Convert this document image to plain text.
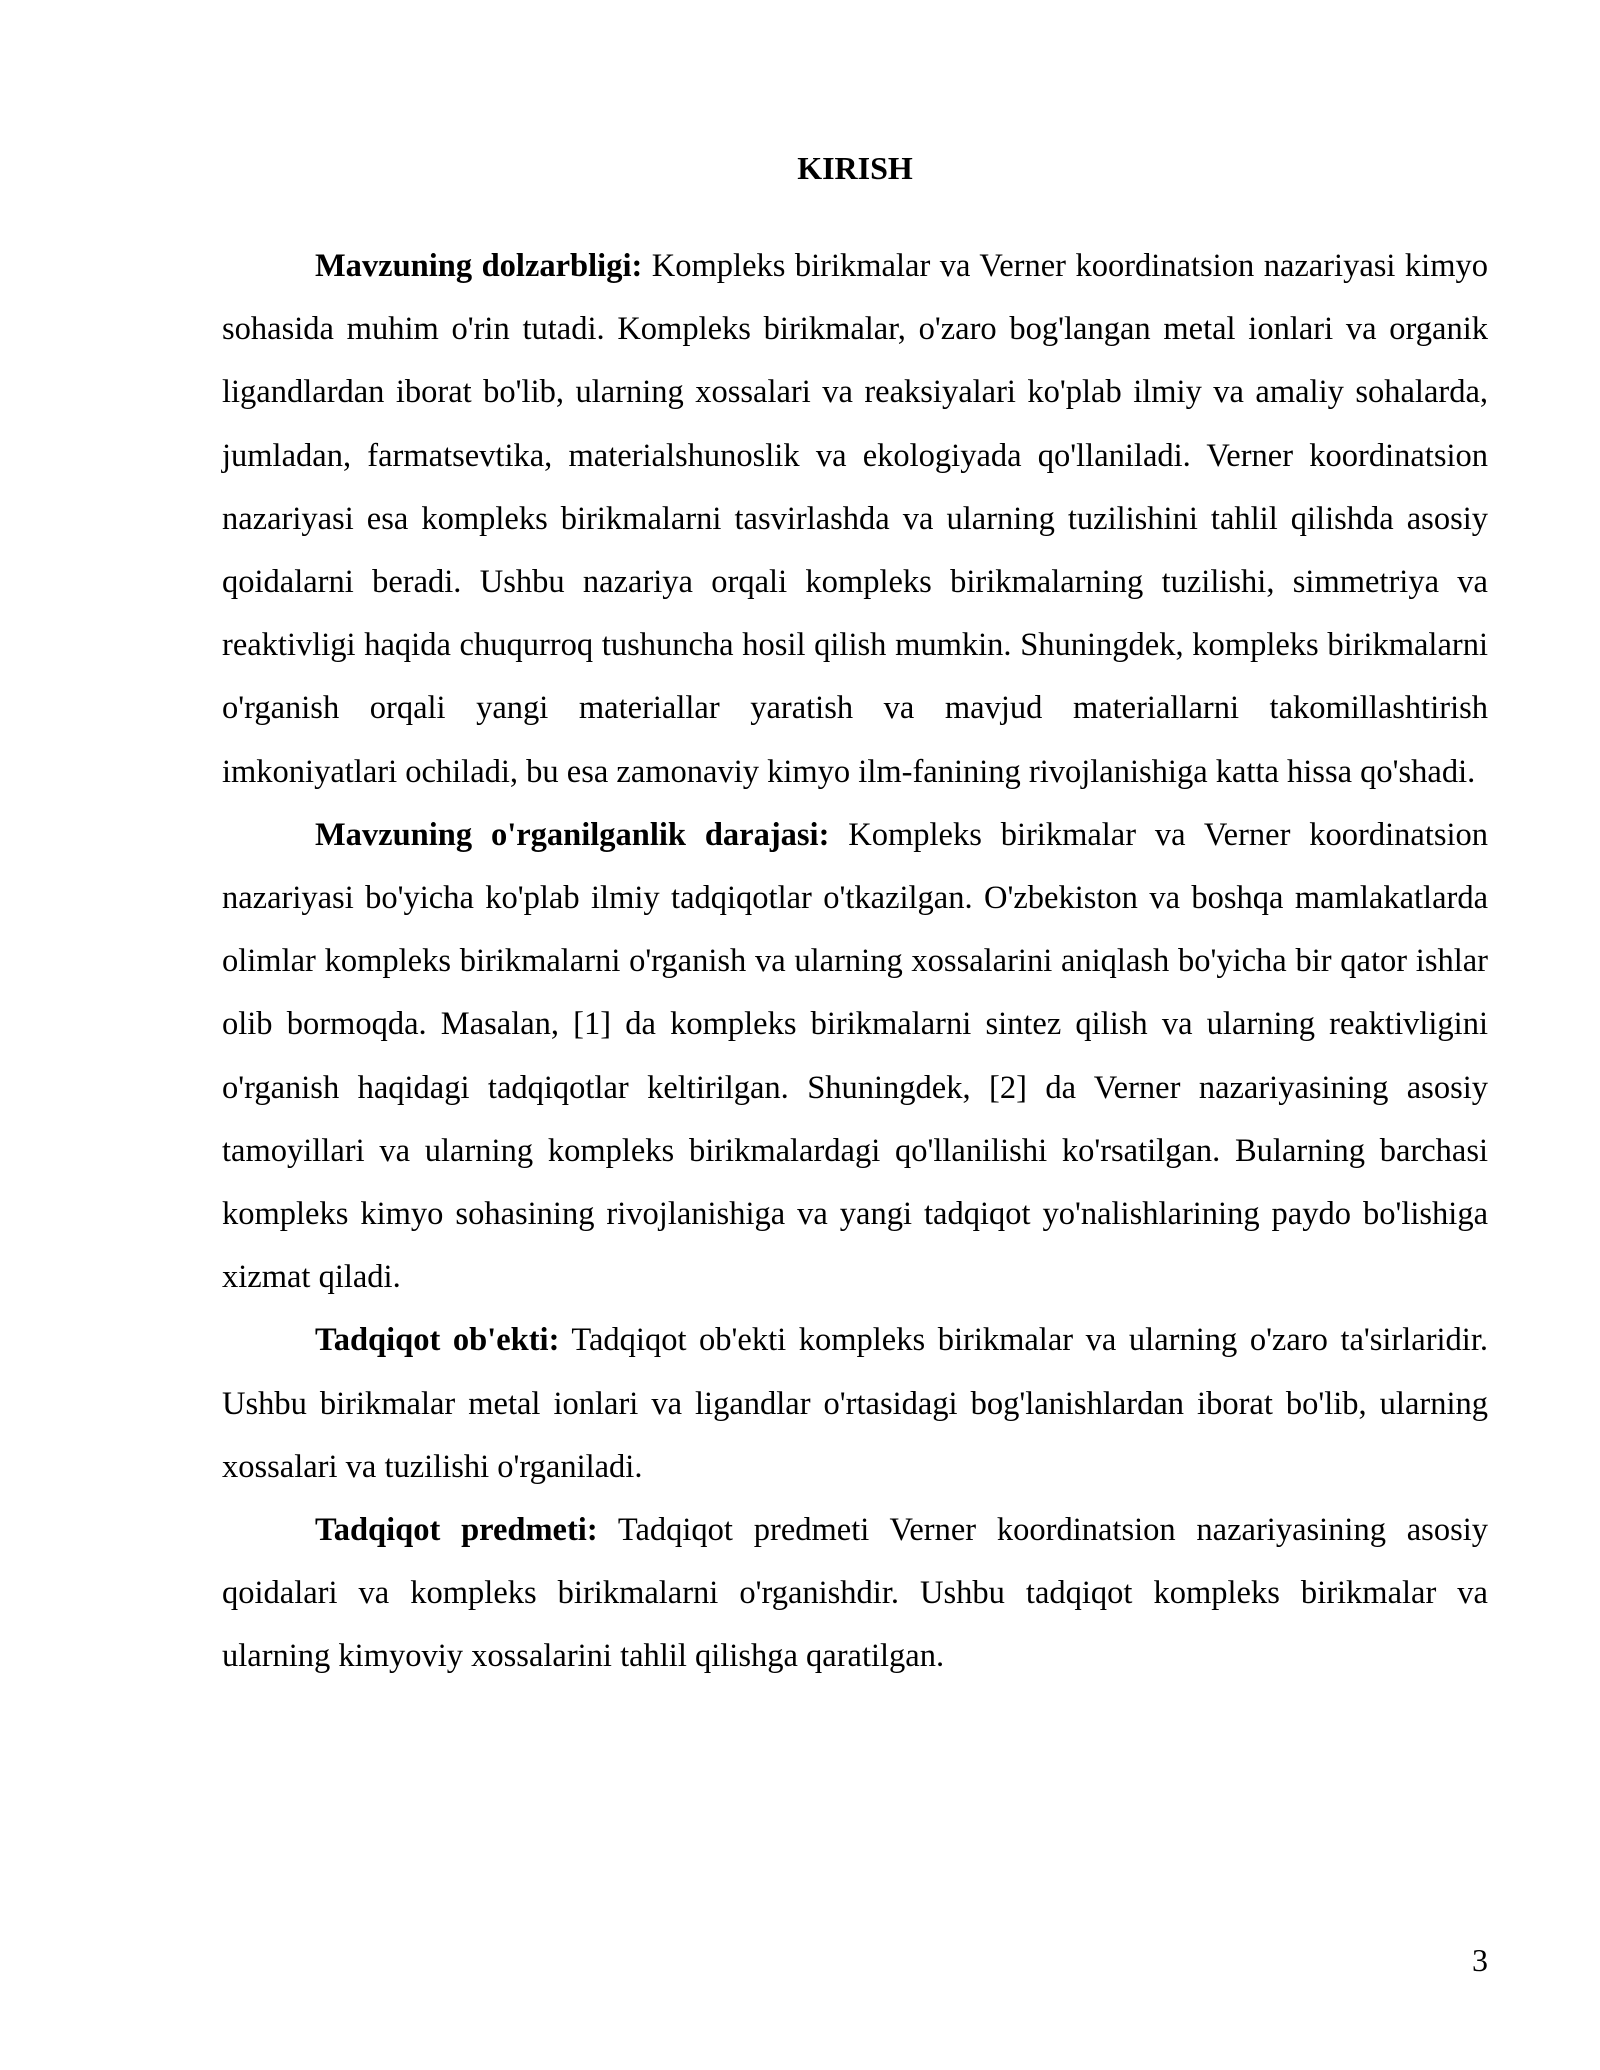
KIRISH

Mavzuning dolzarbligi: Kompleks birikmalar va Verner koordinatsion nazariyasi kimyo sohasida muhim o'rin tutadi. Kompleks birikmalar, o'zaro bog'langan metal ionlari va organik ligandlardan iborat bo'lib, ularning xossalari va reaksiyalari ko'plab ilmiy va amaliy sohalarda, jumladan, farmatsevtika, materialshunoslik va ekologiyada qo'llaniladi. Verner koordinatsion nazariyasi esa kompleks birikmalarni tasvirlashda va ularning tuzilishini tahlil qilishda asosiy qoidalarni beradi. Ushbu nazariya orqali kompleks birikmalarning tuzilishi, simmetriya va reaktivligi haqida chuqurroq tushuncha hosil qilish mumkin. Shuningdek, kompleks birikmalarni o'rganish orqali yangi materiallar yaratish va mavjud materiallarni takomillashtirish imkoniyatlari ochiladi, bu esa zamonaviy kimyo ilm-fanining rivojlanishiga katta hissa qo'shadi.

Mavzuning o'rganilganlik darajasi: Kompleks birikmalar va Verner koordinatsion nazariyasi bo'yicha ko'plab ilmiy tadqiqotlar o'tkazilgan. O'zbekiston va boshqa mamlakatlarda olimlar kompleks birikmalarni o'rganish va ularning xossalarini aniqlash bo'yicha bir qator ishlar olib bormoqda. Masalan, [1] da kompleks birikmalarni sintez qilish va ularning reaktivligini o'rganish haqidagi tadqiqotlar keltirilgan. Shuningdek, [2] da Verner nazariyasining asosiy tamoyillari va ularning kompleks birikmalardagi qo'llanilishi ko'rsatilgan. Bularning barchasi kompleks kimyo sohasining rivojlanishiga va yangi tadqiqot yo'nalishlarining paydo bo'lishiga xizmat qiladi.

Tadqiqot ob'ekti: Tadqiqot ob'ekti kompleks birikmalar va ularning o'zaro ta'sirlaridir. Ushbu birikmalar metal ionlari va ligandlar o'rtasidagi bog'lanishlardan iborat bo'lib, ularning xossalari va tuzilishi o'rganiladi.

Tadqiqot predmeti: Tadqiqot predmeti Verner koordinatsion nazariyasining asosiy qoidalari va kompleks birikmalarni o'rganishdir. Ushbu tadqiqot kompleks birikmalar va ularning kimyoviy xossalarini tahlil qilishga qaratilgan.

3
